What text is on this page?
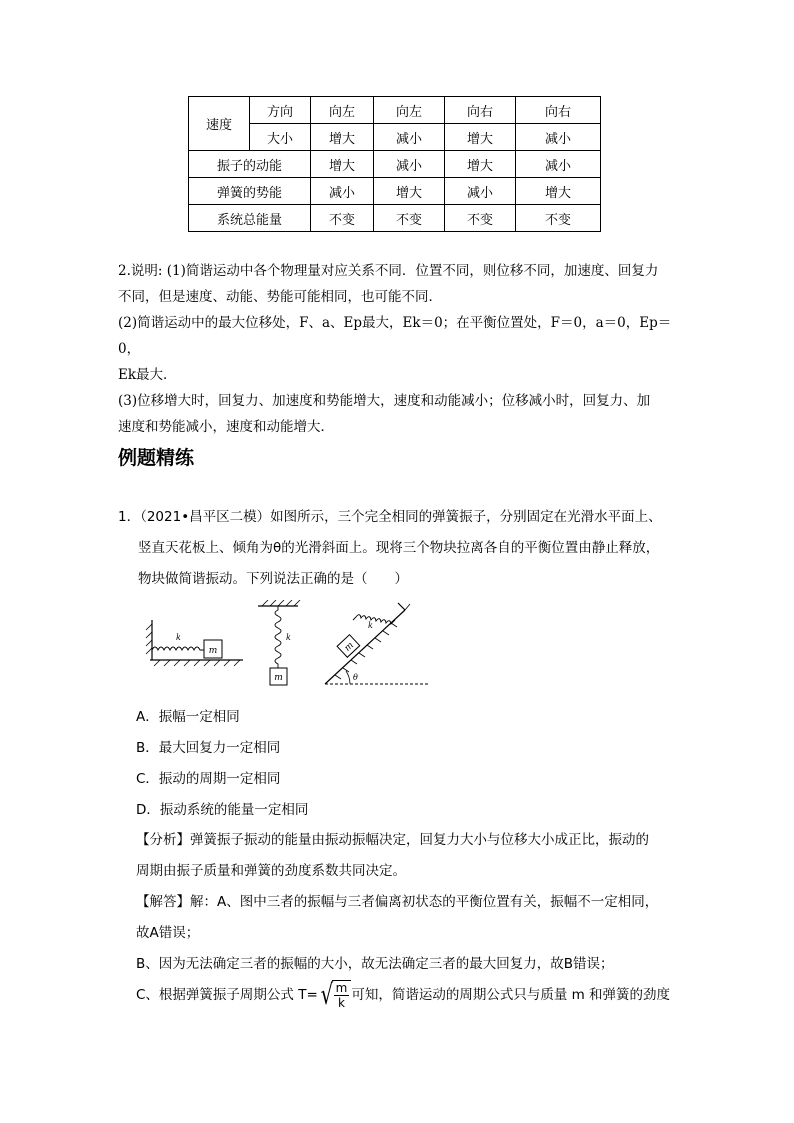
速度	方向	向左	向左	向右	向右
	大小	增大	减小	增大	减小
振子的动能		增大	减小	增大	减小
弹簧的势能		减小	增大	减小	增大
系统总能量		不变	不变	不变	不变
2.说明: (1)简谐运动中各个物理量对应关系不同．位置不同，则位移不同，加速度、回复力
不同，但是速度、动能、势能可能相同，也可能不同．
(2)简谐运动中的最大位移处，F、a、Ep最大，Ek＝0；在平衡位置处，F＝0，a＝0，Ep＝0，
Ek最大．
(3)位移增大时，回复力、加速度和势能增大，速度和动能减小；位移减小时，回复力、加
速度和势能减小，速度和动能增大．
例题精练
1．（2021•昌平区二模）如图所示，三个完全相同的弹簧振子，分别固定在光滑水平面上、
竖直天花板上、倾角为θ的光滑斜面上。现将三个物块拉离各自的平衡位置由静止释放，
物块做简谐振动。下列说法正确的是（　　）
m
k
m
k
m
θ
k
A．振幅一定相同
B．最大回复力一定相同
C．振动的周期一定相同
D．振动系统的能量一定相同
【分析】弹簧振子振动的能量由振动振幅决定，回复力大小与位移大小成正比，振动的
周期由振子质量和弹簧的劲度系数共同决定。
【解答】解：A、图中三者的振幅与三者偏离初状态的平衡位置有关，振幅不一定相同，
故A错误；
B、因为无法确定三者的振幅的大小，故无法确定三者的最大回复力，故B错误；
C、根据弹簧振子周期公式 T= √
$\frac{m}{k}$ 可知，简谐运动的周期公式只与质量 m 和弹簧的劲度
